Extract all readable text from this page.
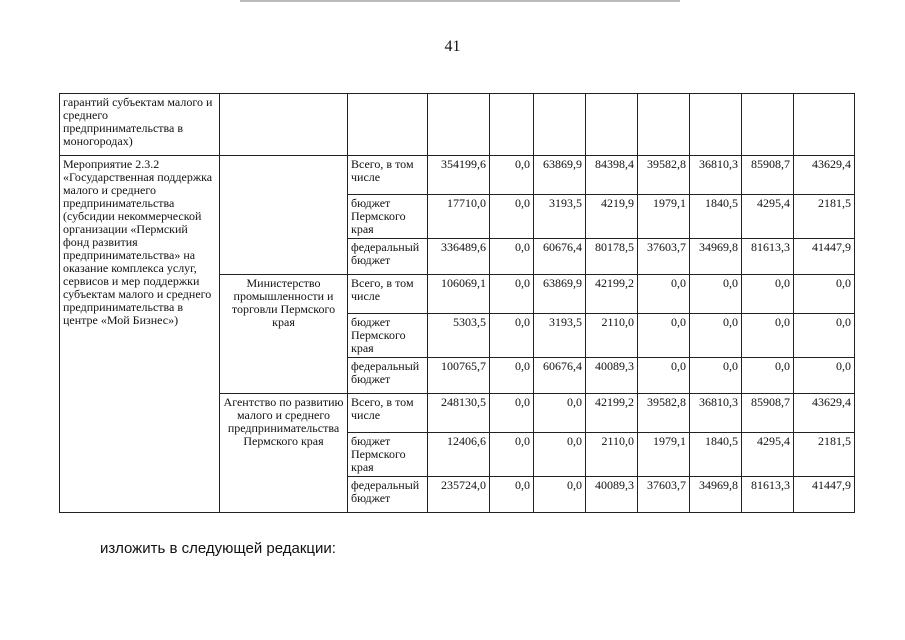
41
гарантий субъектам малого и среднего предпринимательства в моногородах)										
Мероприятие 2.3.2 «Государственная поддержка малого и среднего предпринимательства (субсидии некоммерческой организации «Пермский фонд развития предпринимательства» на оказание комплекса услуг, сервисов и мер поддержки субъектам малого и среднего предпринимательства в центре «Мой Бизнес»)		Всего, в том числе	354199,6	0,0	63869,9	84398,4	39582,8	36810,3	85908,7	43629,4
		бюджет Пермского края	17710,0	0,0	3193,5	4219,9	1979,1	1840,5	4295,4	2181,5
		федеральный бюджет	336489,6	0,0	60676,4	80178,5	37603,7	34969,8	81613,3	41447,9
	Министерство промышленности и торговли Пермского края	Всего, в том числе	106069,1	0,0	63869,9	42199,2	0,0	0,0	0,0	0,0
		бюджет Пермского края	5303,5	0,0	3193,5	2110,0	0,0	0,0	0,0	0,0
		федеральный бюджет	100765,7	0,0	60676,4	40089,3	0,0	0,0	0,0	0,0
	Агентство по развитию малого и среднего предпринимательства Пермского края	Всего, в том числе	248130,5	0,0	0,0	42199,2	39582,8	36810,3	85908,7	43629,4
		бюджет Пермского края	12406,6	0,0	0,0	2110,0	1979,1	1840,5	4295,4	2181,5
		федеральный бюджет	235724,0	0,0	0,0	40089,3	37603,7	34969,8	81613,3	41447,9
изложить в следующей редакции:
